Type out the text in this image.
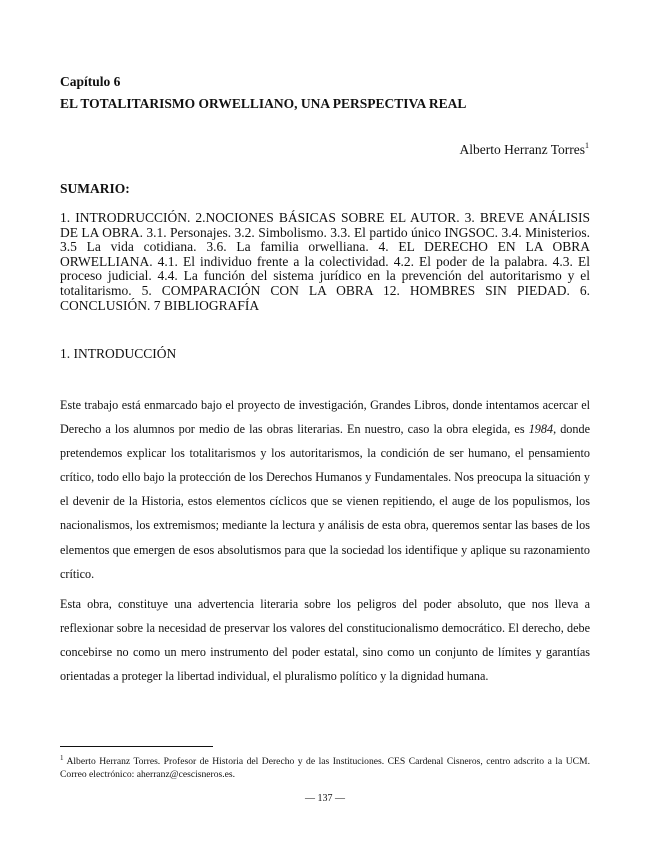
Capítulo 6
EL TOTALITARISMO ORWELLIANO, UNA PERSPECTIVA REAL
Alberto Herranz Torres$^1$
SUMARIO:

1. INTRODRUCCIÓN. 2.NOCIONES BÁSICAS SOBRE EL AUTOR. 3. BREVE ANÁLISIS DE LA OBRA. 3.1. Personajes. 3.2. Simbolismo. 3.3. El partido único INGSOC. 3.4. Ministerios. 3.5 La vida cotidiana. 3.6. La familia orwelliana. 4. EL DERECHO EN LA OBRA ORWELLIANA. 4.1. El individuo frente a la colectividad. 4.2. El poder de la palabra. 4.3. El proceso judicial. 4.4. La función del sistema jurídico en la prevención del autoritarismo y el totalitarismo. 5. COMPARACIÓN CON LA OBRA 12. HOMBRES SIN PIEDAD. 6. CONCLUSIÓN. 7 BIBLIOGRAFÍA

1. INTRODUCCIÓN

Este trabajo está enmarcado bajo el proyecto de investigación, Grandes Libros, donde intentamos acercar el Derecho a los alumnos por medio de las obras literarias. En nuestro, caso la obra elegida, es 1984, donde pretendemos explicar los totalitarismos y los autoritarismos, la condición de ser humano, el pensamiento crítico, todo ello bajo la protección de los Derechos Humanos y Fundamentales. Nos preocupa la situación y el devenir de la Historia, estos elementos cíclicos que se vienen repitiendo, el auge de los populismos, los nacionalismos, los extremismos; mediante la lectura y análisis de esta obra, queremos sentar las bases de los elementos que emergen de esos absolutismos para que la sociedad los identifique y aplique su razonamiento crítico.

Esta obra, constituye una advertencia literaria sobre los peligros del poder absoluto, que nos lleva a reflexionar sobre la necesidad de preservar los valores del constitucionalismo democrático. El derecho, debe concebirse no como un mero instrumento del poder estatal, sino como un conjunto de límites y garantías orientadas a proteger la libertad individual, el pluralismo político y la dignidad humana.

$^1$ Alberto Herranz Torres. Profesor de Historia del Derecho y de las Instituciones. CES Cardenal Cisneros, centro adscrito a la UCM. Correo electrónico: aherranz@cescisneros.es.

— 137 —
